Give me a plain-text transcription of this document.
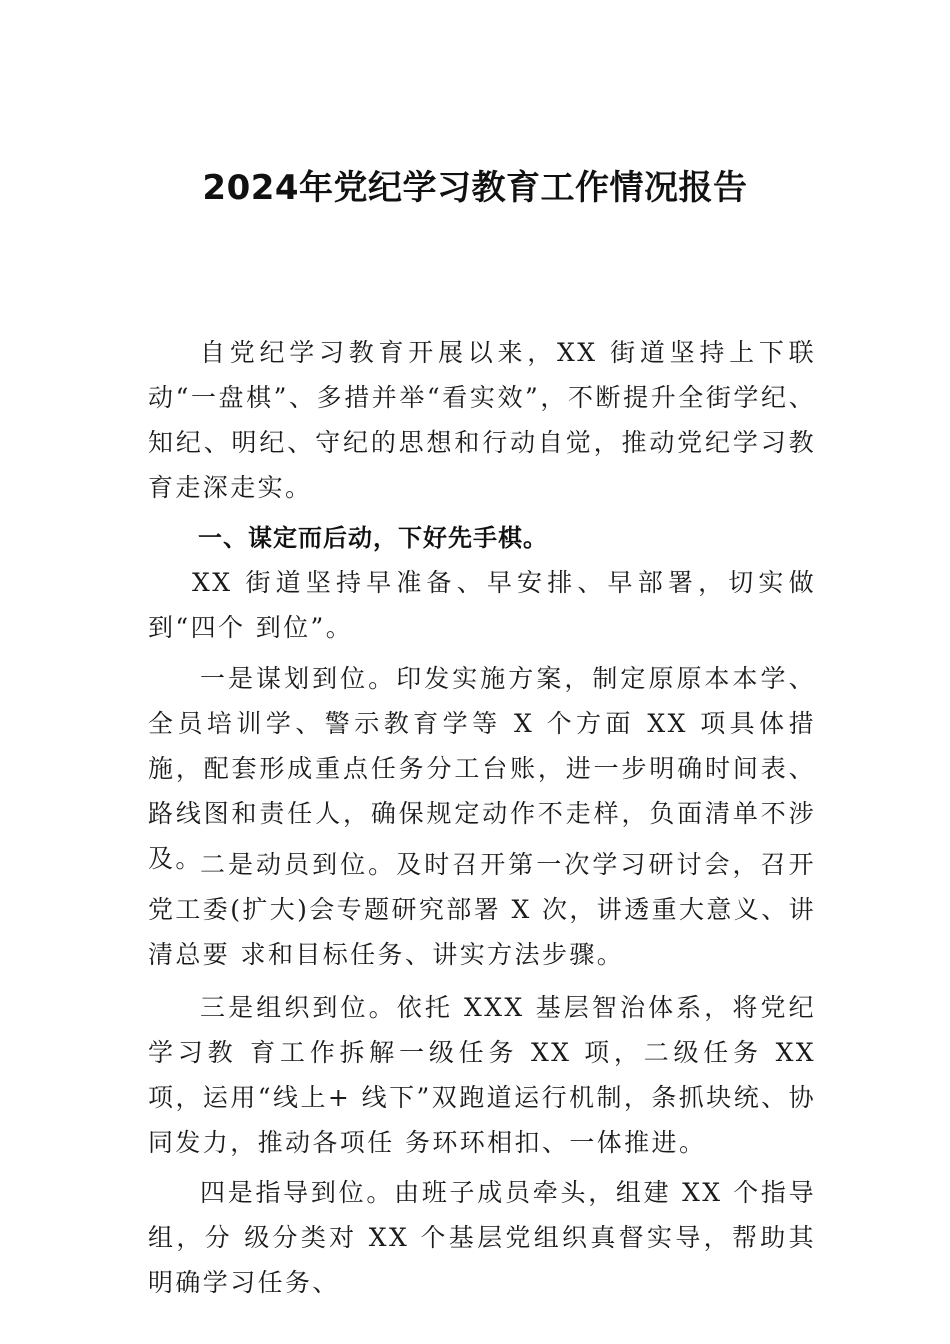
2024年党纪学习教育工作情况报告

自党纪学习教育开展以来，XX 街道坚持上下联动“一盘棋”、多措并举“看实效”，不断提升全街学纪、知纪、明纪、守纪的思想和行动自觉，推动党纪学习教育走深走实。

一、谋定而后动，下好先手棋。

XX 街道坚持早准备、早安排、早部署，切实做到“四个 到位”。

一是谋划到位。印发实施方案，制定原原本本学、全员培训学、警示教育学等 X 个方面 XX 项具体措施，配套形成重点任务分工台账，进一步明确时间表、路线图和责任人，确保规定动作不走样，负面清单不涉及。

二是动员到位。及时召开第一次学习研讨会，召开党工委(扩大)会专题研究部署 X 次，讲透重大意义、讲清总要 求和目标任务、讲实方法步骤。

三是组织到位。依托 XXX 基层智治体系，将党纪学习教 育工作拆解一级任务 XX 项，二级任务 XX 项，运用“线上+ 线下”双跑道运行机制，条抓块统、协同发力，推动各项任 务环环相扣、一体推进。

四是指导到位。由班子成员牵头，组建 XX 个指导组，分 级分类对 XX 个基层党组织真督实导，帮助其明确学习任务、
